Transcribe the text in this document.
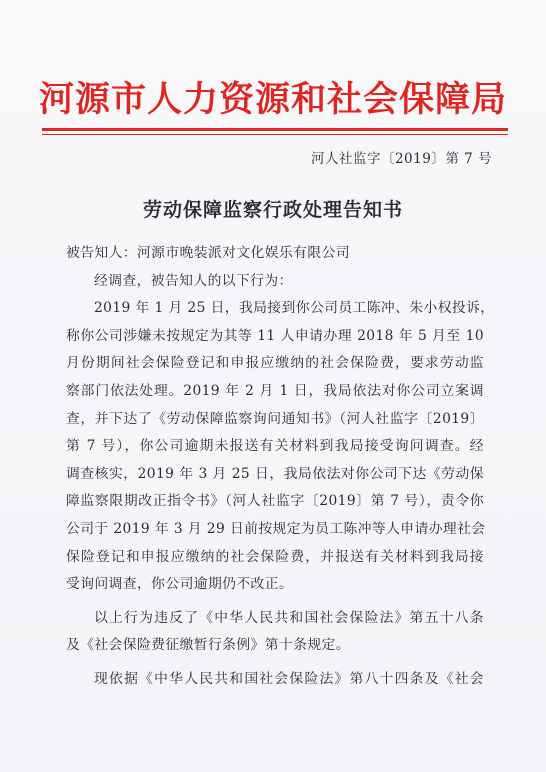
河源市人力资源和社会保障局
河人社监字〔2019〕第 7 号
劳动保障监察行政处理告知书
被告知人：河源市晚装派对文化娱乐有限公司
经调查，被告知人的以下行为：
2019 年 1 月 25 日，我局接到你公司员工陈冲、朱小权投诉，
称你公司涉嫌未按规定为其等 11 人申请办理 2018 年 5 月至 10
月份期间社会保险登记和申报应缴纳的社会保险费，要求劳动监
察部门依法处理。2019 年 2 月 1 日，我局依法对你公司立案调
查，并下达了《劳动保障监察询问通知书》（河人社监字〔2019〕
第 7 号），你公司逾期未报送有关材料到我局接受询问调查。经
调查核实，2019 年 3 月 25 日，我局依法对你公司下达《劳动保
障监察限期改正指令书》（河人社监字〔2019〕第 7 号），责令你
公司于 2019 年 3 月 29 日前按规定为员工陈冲等人申请办理社会
保险登记和申报应缴纳的社会保险费，并报送有关材料到我局接
受询问调查，你公司逾期仍不改正。
以上行为违反了《中华人民共和国社会保险法》第五十八条
及《社会保险费征缴暂行条例》第十条规定。
现依据《中华人民共和国社会保险法》第八十四条及《社会
